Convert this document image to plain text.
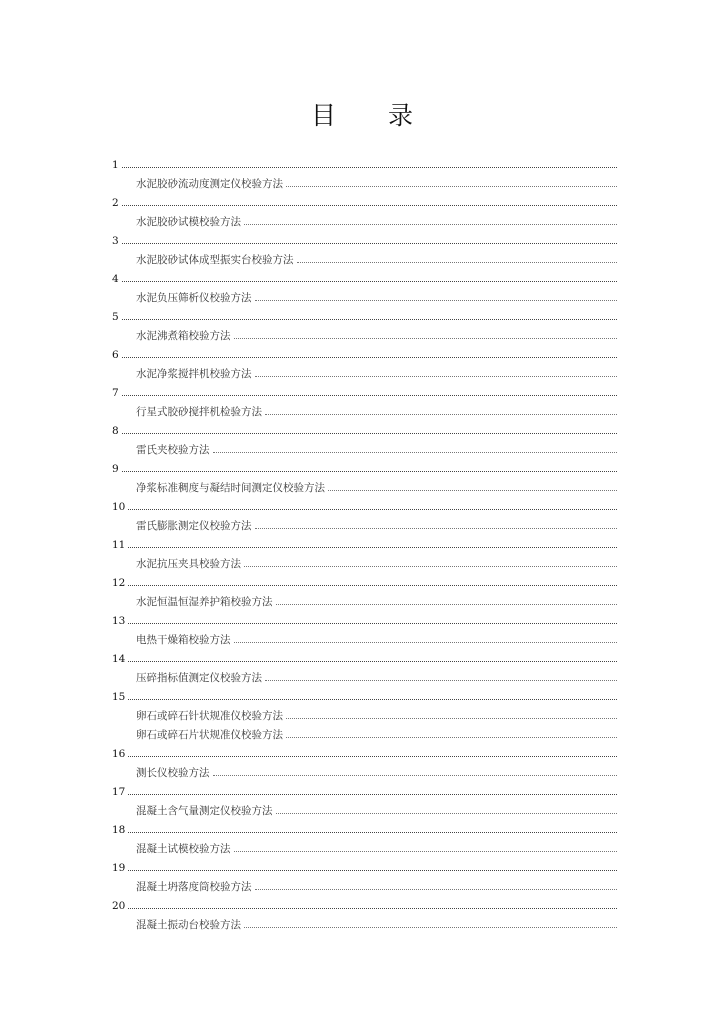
目 录
1
水泥胶砂流动度测定仪校验方法
2
水泥胶砂试模校验方法
3
水泥胶砂试体成型振实台校验方法
4
水泥负压筛析仪校验方法
5
水泥沸煮箱校验方法
6
水泥净浆搅拌机校验方法
7
行星式胶砂搅拌机检验方法
8
雷氏夹校验方法
9
净浆标准稠度与凝结时间测定仪校验方法
10
雷氏膨胀测定仪校验方法
11
水泥抗压夹具校验方法
12
水泥恒温恒湿养护箱校验方法
13
电热干燥箱校验方法
14
压碎指标值测定仪校验方法
15
卵石或碎石针状规准仪校验方法
卵石或碎石片状规准仪校验方法
16
测长仪校验方法
17
混凝土含气量测定仪校验方法
18
混凝土试模校验方法
19
混凝土坍落度筒校验方法
20
混凝土振动台校验方法
